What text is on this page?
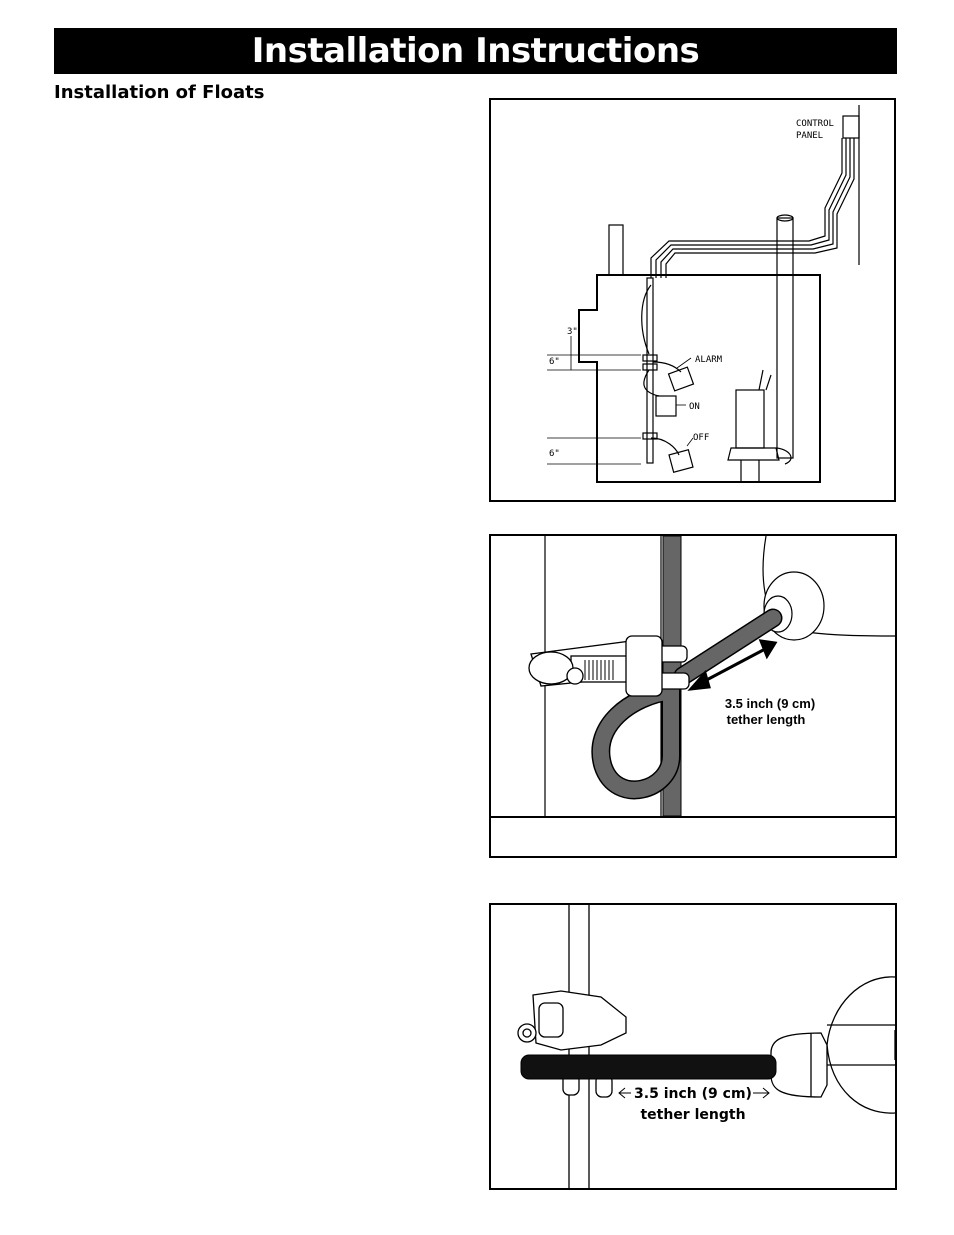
Installation Instructions
Installation of Floats
CONTROL
PANEL
3"
6"
6"
ALARM
ON
OFF
3.5 inch (9 cm)
tether length
3.5 inch (9 cm)
tether length
